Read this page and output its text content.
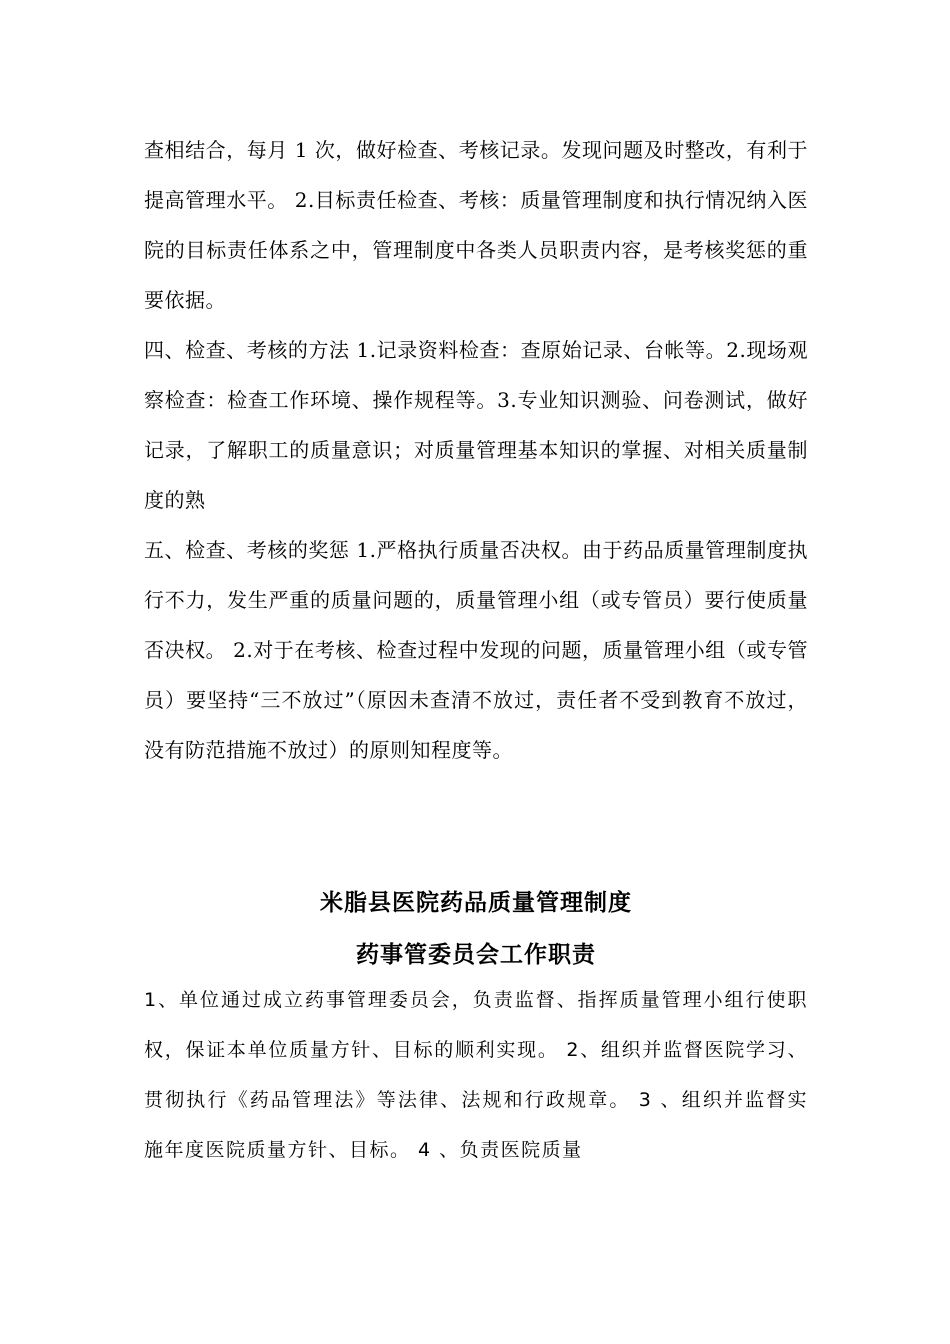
查相结合，每月 1 次，做好检查、考核记录。发现问题及时整改，有利于提高管理水平。 2.目标责任检查、考核：质量管理制度和执行情况纳入医院的目标责任体系之中，管理制度中各类人员职责内容，是考核奖惩的重要依据。

四、检查、考核的方法 1.记录资料检查：查原始记录、台帐等。2.现场观察检查：检查工作环境、操作规程等。3.专业知识测验、问卷测试，做好记录，了解职工的质量意识；对质量管理基本知识的掌握、对相关质量制度的熟

五、检查、考核的奖惩 1.严格执行质量否决权。由于药品质量管理制度执行不力，发生严重的质量问题的，质量管理小组（或专管员）要行使质量否决权。 2.对于在考核、检查过程中发现的问题，质量管理小组（或专管员）要坚持“三不放过”（原因未查清不放过，责任者不受到教育不放过，没有防范措施不放过）的原则知程度等。

米脂县医院药品质量管理制度
药事管委员会工作职责

1、单位通过成立药事管理委员会，负责监督、指挥质量管理小组行使职权，保证本单位质量方针、目标的顺利实现。 2、组织并监督医院学习、贯彻执行《药品管理法》等法律、法规和行政规章。 3 、组织并监督实施年度医院质量方针、目标。 4 、负责医院质量
